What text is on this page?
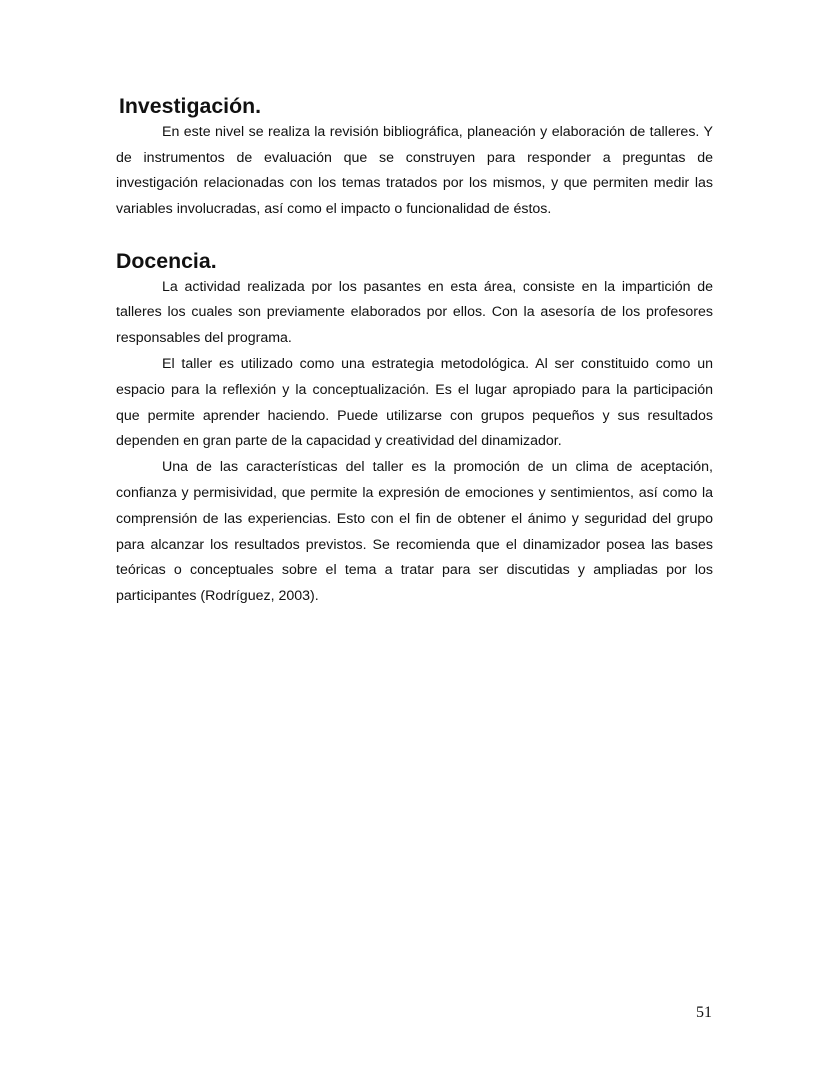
Investigación.

En este nivel se realiza la revisión bibliográfica, planeación y elaboración de talleres. Y de instrumentos de evaluación que se construyen para responder a preguntas de investigación relacionadas con los temas tratados por los mismos, y que permiten medir las variables involucradas, así como el impacto o funcionalidad de éstos.

Docencia.

La actividad realizada por los pasantes en esta área, consiste en la impartición de talleres los cuales son previamente elaborados por ellos. Con la asesoría de los profesores responsables del programa.

El taller es utilizado como una estrategia metodológica. Al ser constituido como un espacio para la reflexión y la conceptualización. Es el lugar apropiado para la participación que permite aprender haciendo. Puede utilizarse con grupos pequeños y sus resultados dependen en gran parte de la capacidad y creatividad del dinamizador.

Una de las características del taller es la promoción de un clima de aceptación, confianza y permisividad, que permite la expresión de emociones y sentimientos, así como la comprensión de las experiencias. Esto con el fin de obtener el ánimo y seguridad del grupo para alcanzar los resultados previstos. Se recomienda que el dinamizador posea las bases teóricas o conceptuales sobre el tema a tratar para ser discutidas y ampliadas por los participantes (Rodríguez, 2003).

51
